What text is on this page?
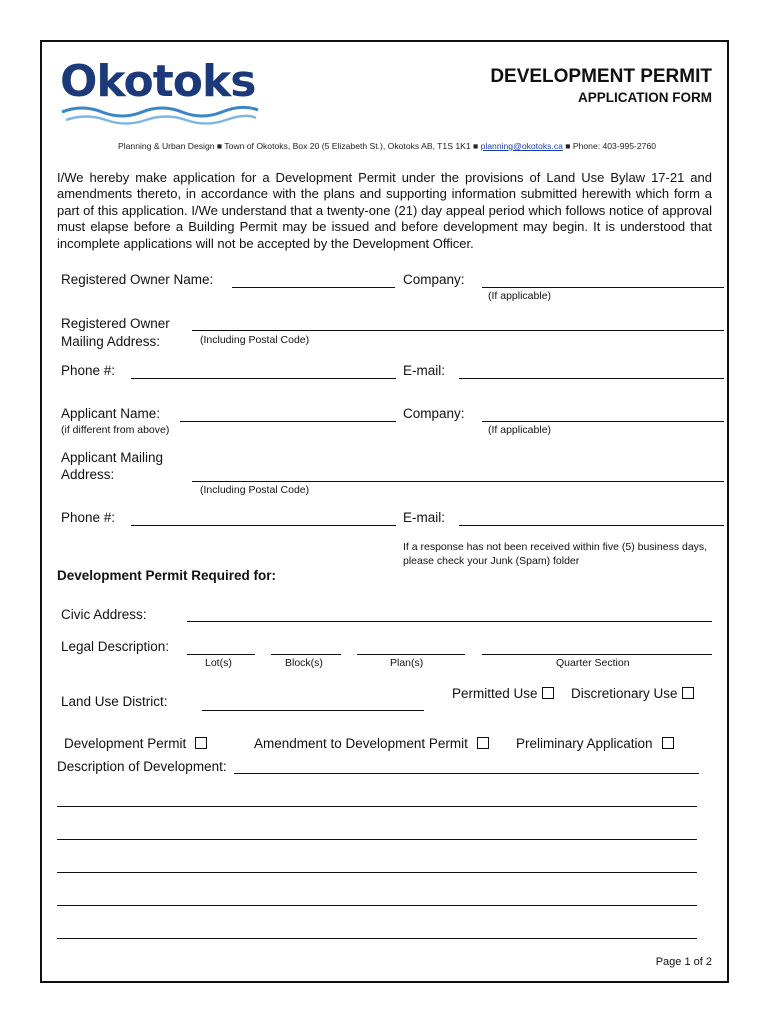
Okotoks	DEVELOPMENT PERMIT
APPLICATION FORM
Planning & Urban Design ■ Town of Okotoks, Box 20 (5 Elizabeth St.), Okotoks AB, T1S 1K1 ■ planning@okotoks.ca ■ Phone: 403-995-2760
I/We hereby make application for a Development Permit under the provisions of Land Use Bylaw 17-21 and amendments thereto, in accordance with the plans and supporting information submitted herewith which form a part of this application. I/We understand that a twenty-one (21) day appeal period which follows notice of approval must elapse before a Building Permit may be issued and before development may begin. It is understood that incomplete applications will not be accepted by the Development Officer.
Registered Owner Name:	Company:
(If applicable)
Registered Owner
Mailing Address:	(Including Postal Code)
Phone #:	E-mail:
Applicant Name:
(if different from above)
Company:
(If applicable)
Applicant Mailing
Address:
(Including Postal Code)
Phone #:	E-mail:
If a response has not been received within five (5) business days, please check your Junk (Spam) folder
Development Permit Required for:
Civic Address:
Legal Description:
Lot(s)	Block(s)	Plan(s)	Quarter Section
Land Use District:
Permitted Use	Discretionary Use
Development Permit	Amendment to Development Permit	Preliminary Application
Description of Development:
Page 1 of 2
